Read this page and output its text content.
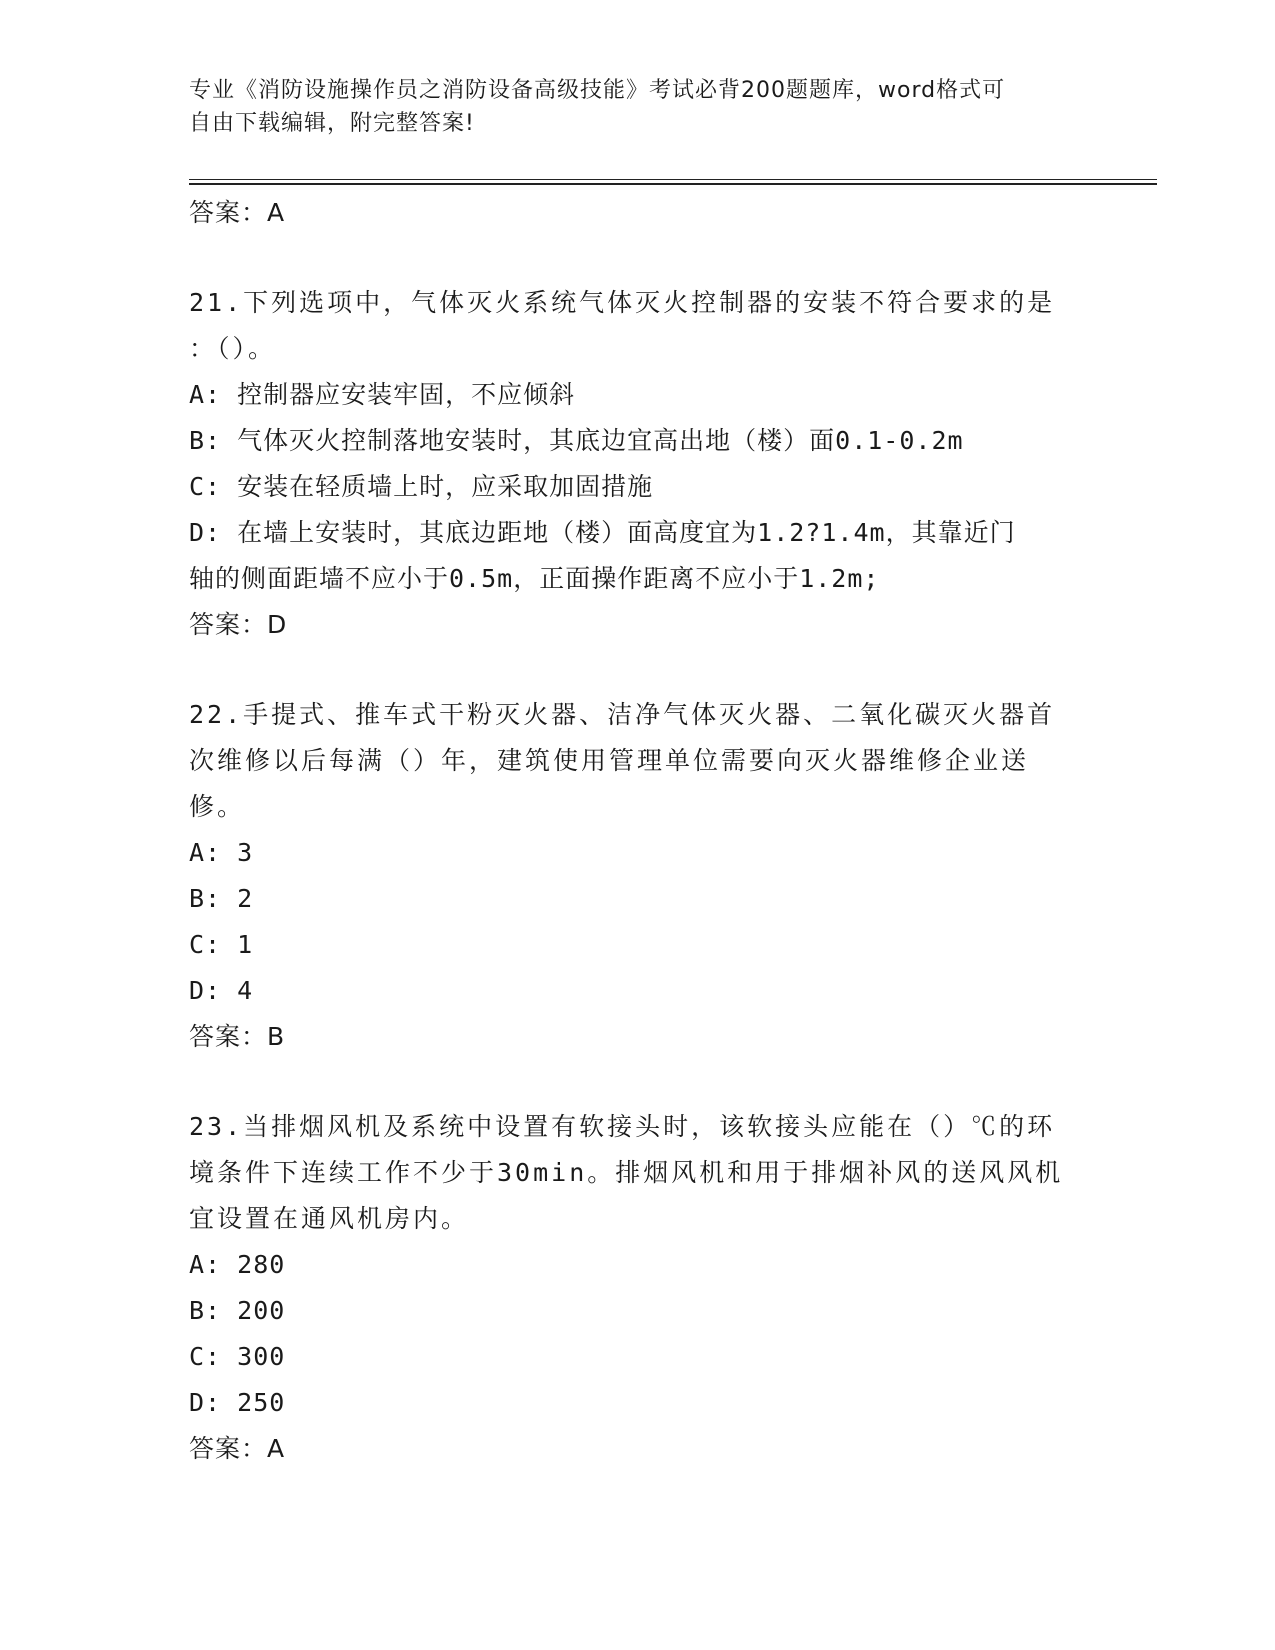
专业《消防设施操作员之消防设备高级技能》考试必背200题题库，word格式可
自由下载编辑，附完整答案!
答案：A
21.下列选项中，气体灭火系统气体灭火控制器的安装不符合要求的是
：（）。
A: 控制器应安装牢固，不应倾斜
B: 气体灭火控制落地安装时，其底边宜高出地（楼）面0.1-0.2m
C: 安装在轻质墙上时，应采取加固措施
D: 在墙上安装时，其底边距地（楼）面高度宜为1.2?1.4m，其靠近门
轴的侧面距墙不应小于0.5m，正面操作距离不应小于1.2m;
答案：D
22.手提式、推车式干粉灭火器、洁净气体灭火器、二氧化碳灭火器首
次维修以后每满（）年，建筑使用管理单位需要向灭火器维修企业送
修。
A: 3
B: 2
C: 1
D: 4
答案：B
23.当排烟风机及系统中设置有软接头时，该软接头应能在（）℃的环
境条件下连续工作不少于30min。排烟风机和用于排烟补风的送风风机
宜设置在通风机房内。
A: 280
B: 200
C: 300
D: 250
答案：A
